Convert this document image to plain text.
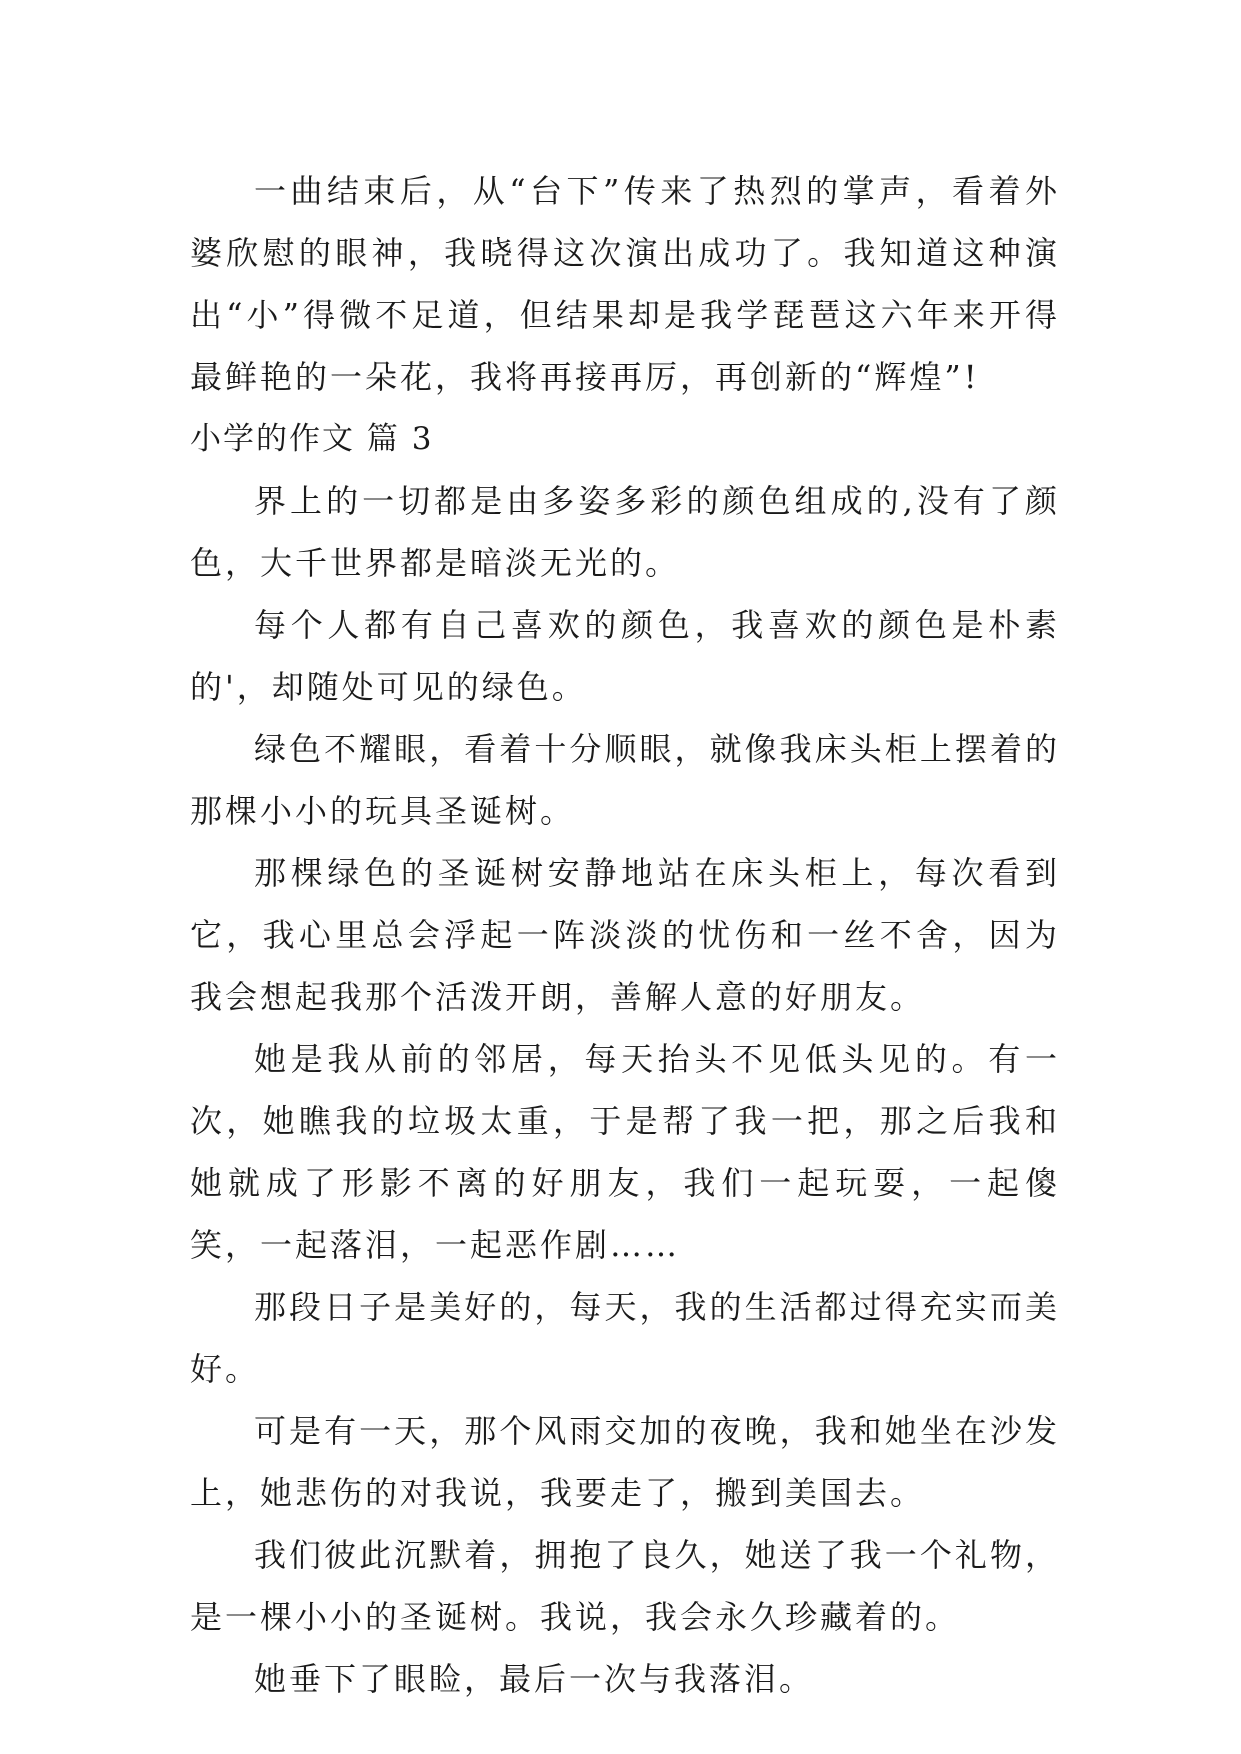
一曲结束后，从“台下”传来了热烈的掌声，看着外婆欣慰的眼神，我晓得这次演出成功了。我知道这种演出“小”得微不足道，但结果却是我学琵琶这六年来开得最鲜艳的一朵花，我将再接再厉，再创新的“辉煌”!

小学的作文 篇 3

界上的一切都是由多姿多彩的颜色组成的,没有了颜色，大千世界都是暗淡无光的。

每个人都有自己喜欢的颜色，我喜欢的颜色是朴素的'，却随处可见的绿色。

绿色不耀眼，看着十分顺眼，就像我床头柜上摆着的那棵小小的玩具圣诞树。

那棵绿色的圣诞树安静地站在床头柜上，每次看到它，我心里总会浮起一阵淡淡的忧伤和一丝不舍，因为我会想起我那个活泼开朗，善解人意的好朋友。

她是我从前的邻居，每天抬头不见低头见的。有一次，她瞧我的垃圾太重，于是帮了我一把，那之后我和她就成了形影不离的好朋友，我们一起玩耍，一起傻笑，一起落泪，一起恶作剧……

那段日子是美好的，每天，我的生活都过得充实而美好。

可是有一天，那个风雨交加的夜晚，我和她坐在沙发上，她悲伤的对我说，我要走了，搬到美国去。

我们彼此沉默着，拥抱了良久，她送了我一个礼物，是一棵小小的圣诞树。我说，我会永久珍藏着的。

她垂下了眼睑，最后一次与我落泪。
